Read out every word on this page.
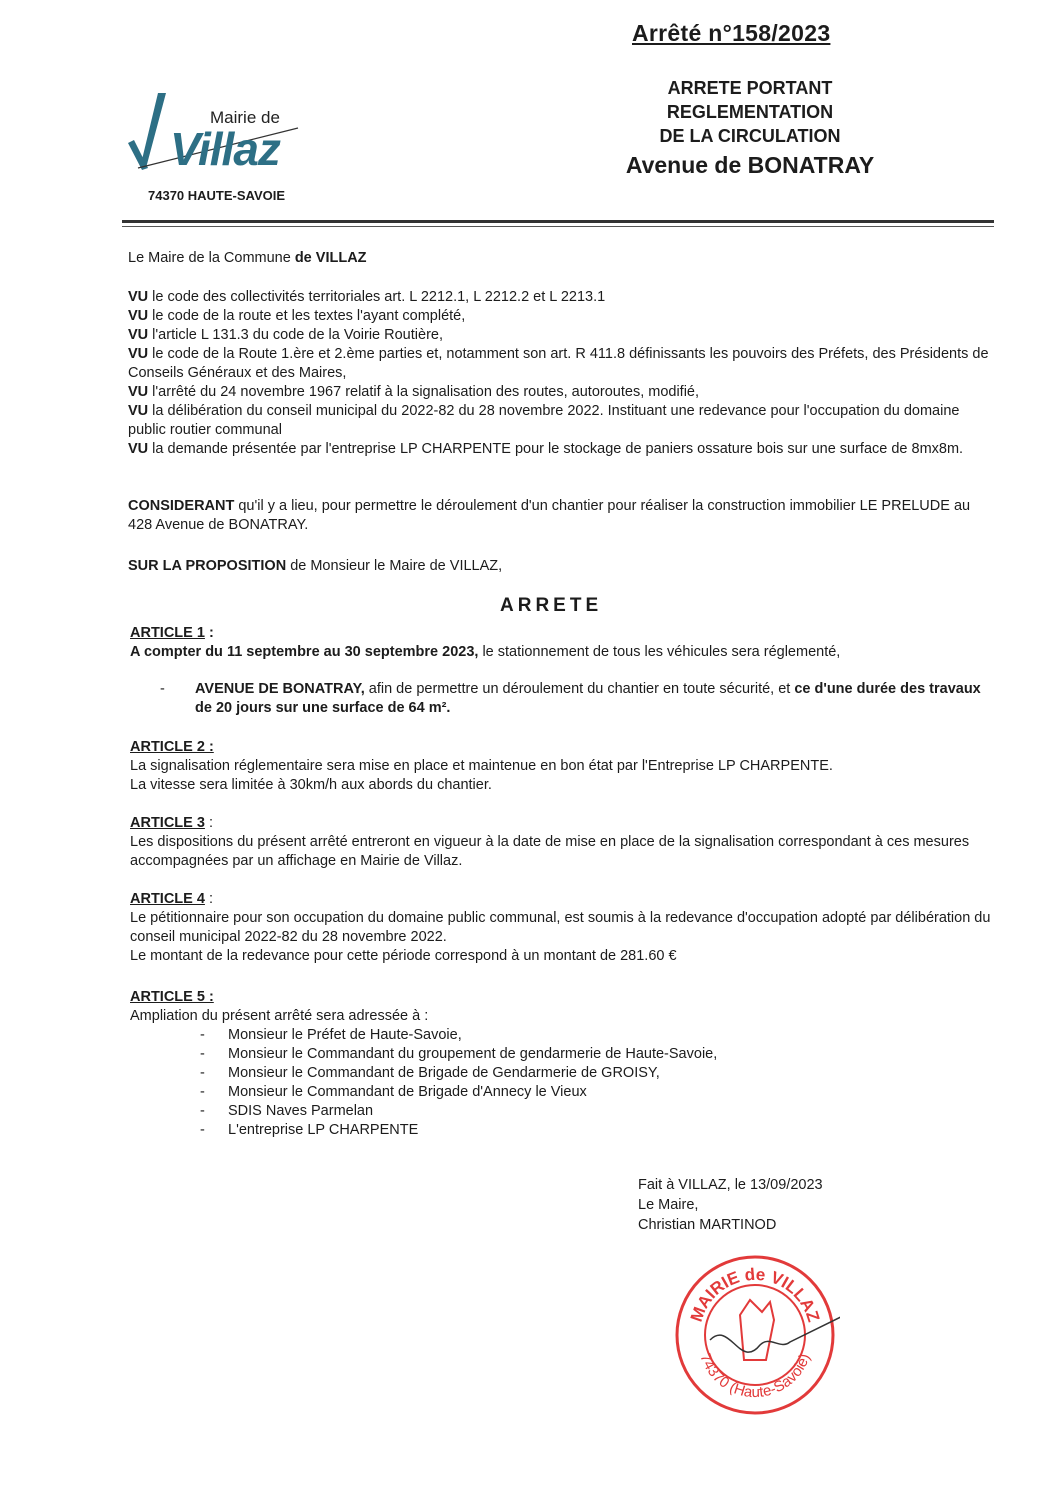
Arrêté n°158/2023
ARRETE PORTANT
REGLEMENTATION
DE LA CIRCULATION
Avenue de BONATRAY
Mairie de
Villaz
74370 HAUTE-SAVOIE
Le Maire de la Commune de VILLAZ
VU le code des collectivités territoriales art. L 2212.1, L 2212.2 et L 2213.1
VU le code de la route et les textes l'ayant complété,
VU l'article L 131.3 du code de la Voirie Routière,
VU le code de la Route 1.ère et 2.ème parties et, notamment son art. R 411.8 définissants les pouvoirs des Préfets, des Présidents de Conseils Généraux et des Maires,
VU l'arrêté du 24 novembre 1967 relatif à la signalisation des routes, autoroutes, modifié,
VU la délibération du conseil municipal du 2022-82 du 28 novembre 2022. Instituant une redevance pour l'occupation du domaine public routier communal
VU la demande présentée par l'entreprise LP CHARPENTE pour le stockage de paniers ossature bois sur une surface de 8mx8m.
CONSIDERANT qu'il y a lieu, pour permettre le déroulement d'un chantier pour réaliser la construction immobilier LE PRELUDE au 428 Avenue de BONATRAY.
SUR LA PROPOSITION de Monsieur le Maire de VILLAZ,
ARRETE
ARTICLE 1 :
A compter du 11 septembre au 30 septembre 2023, le stationnement de tous les véhicules sera réglementé,
- AVENUE DE BONATRAY, afin de permettre un déroulement du chantier en toute sécurité, et ce d'une durée des travaux de 20 jours sur une surface de 64 m².
ARTICLE 2 :
La signalisation réglementaire sera mise en place et maintenue en bon état par l'Entreprise LP CHARPENTE.
La vitesse sera limitée à 30km/h aux abords du chantier.
ARTICLE 3 :
Les dispositions du présent arrêté entreront en vigueur à la date de mise en place de la signalisation correspondant à ces mesures accompagnées par un affichage en Mairie de Villaz.
ARTICLE 4 :
Le pétitionnaire pour son occupation du domaine public communal, est soumis à la redevance d'occupation adopté par délibération du conseil municipal 2022-82 du 28 novembre 2022.
Le montant de la redevance pour cette période correspond à un montant de 281.60 €
ARTICLE 5 :
Ampliation du présent arrêté sera adressée à :
- Monsieur le Préfet de Haute-Savoie,
- Monsieur le Commandant du groupement de gendarmerie de Haute-Savoie,
- Monsieur le Commandant de Brigade de Gendarmerie de GROISY,
- Monsieur le Commandant de Brigade d'Annecy le Vieux
- SDIS Naves Parmelan
- L'entreprise LP CHARPENTE
Fait à VILLAZ, le 13/09/2023
Le Maire,
Christian MARTINOD
MAIRIE de VILLAZ
74370 (Haute-Savoie)
